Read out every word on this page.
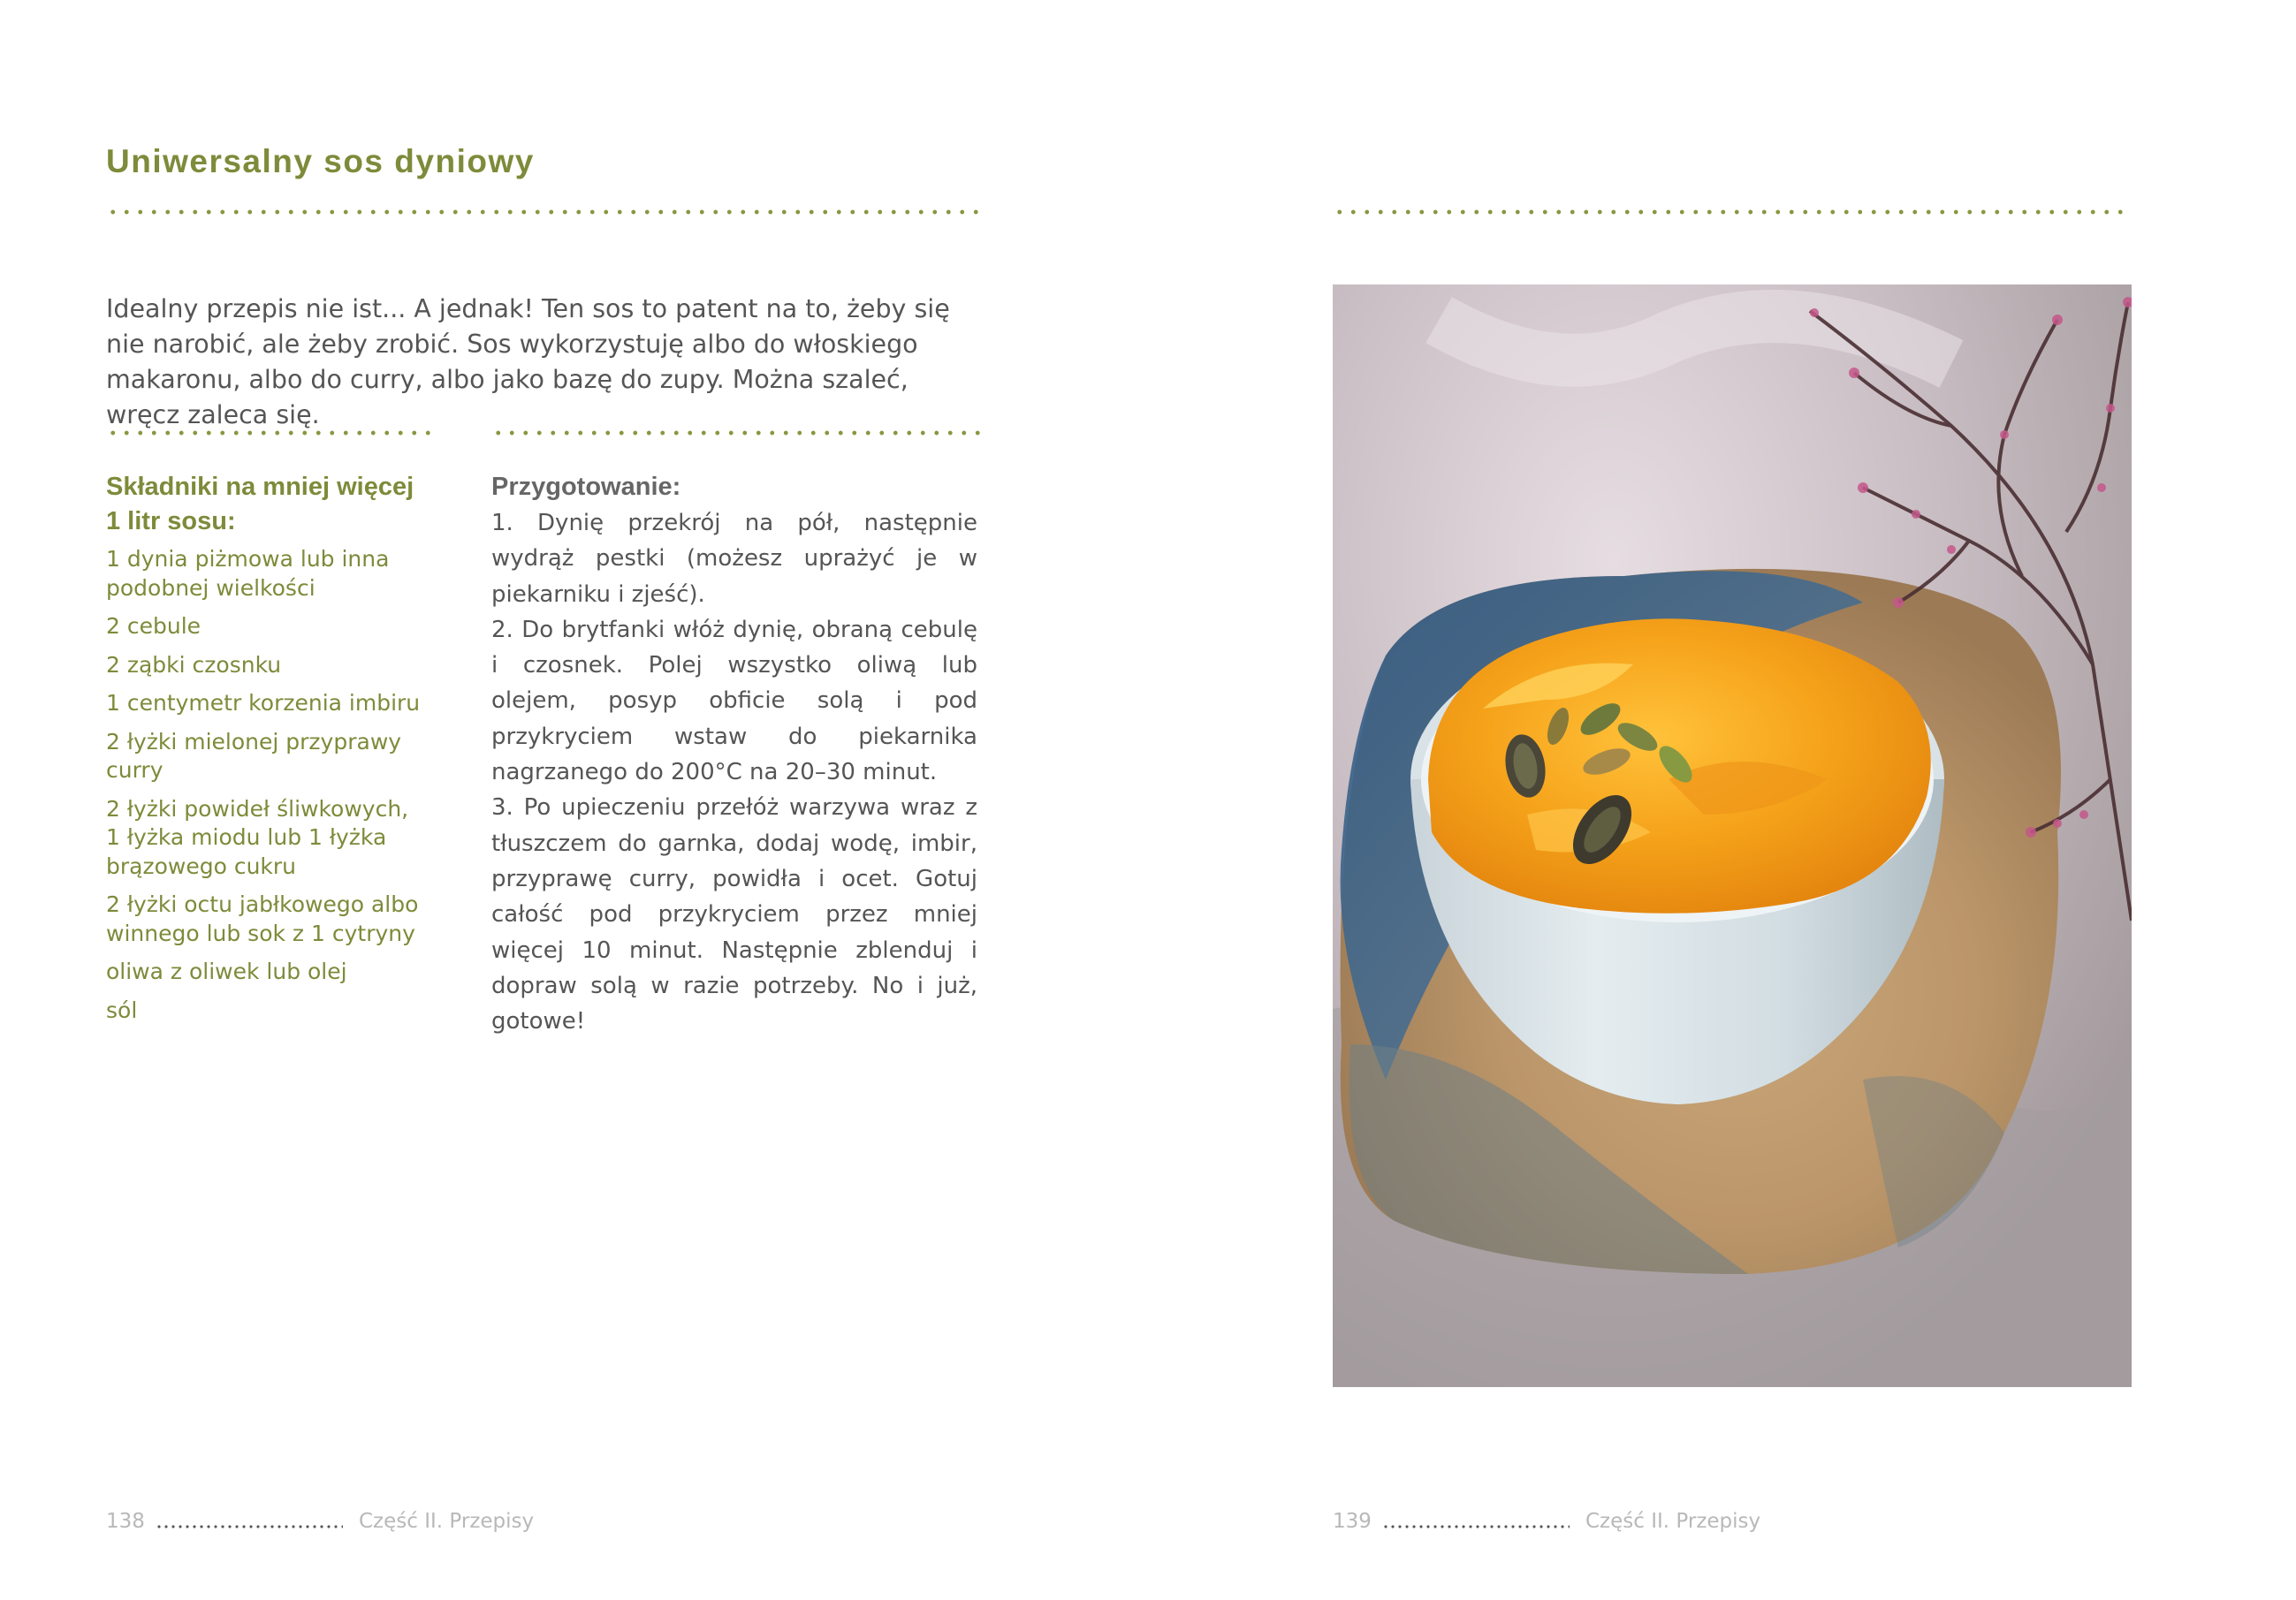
Uniwersalny sos dyniowy
Idealny przepis nie ist... A jednak! Ten sos to patent na to, żeby się nie narobić, ale żeby zrobić. Sos wykorzystuję albo do włoskiego makaronu, albo do curry, albo jako bazę do zupy. Można szaleć, wręcz zaleca się.
Składniki na mniej więcej 1 litr sosu:
1 dynia piżmowa lub inna podobnej wielkości
2 cebule
2 ząbki czosnku
1 centymetr korzenia imbiru
2 łyżki mielonej przyprawy curry
2 łyżki powideł śliwkowych, 1 łyżka miodu lub 1 łyżka brązowego cukru
2 łyżki octu jabłkowego albo winnego lub sok z 1 cytryny
oliwa z oliwek lub olej
sól
Przygotowanie:

1. Dynię przekrój na pół, następnie wydrąż pestki (możesz uprażyć je w piekarniku i zjeść).

2. Do brytfanki włóż dynię, obraną cebulę i czosnek. Polej wszystko oliwą lub olejem, posyp obficie solą i pod przykryciem wstaw do piekarnika nagrzanego do 200°C na 20–30 minut.

3. Po upieczeniu przełóż warzywa wraz z tłuszczem do garnka, dodaj wodę, imbir, przyprawę curry, powidła i ocet. Gotuj całość pod przykryciem przez mniej więcej 10 minut. Następnie zblenduj i dopraw solą w razie potrzeby. No i już, gotowe!

138	Część II. Przepisy	139	Część II. Przepisy
